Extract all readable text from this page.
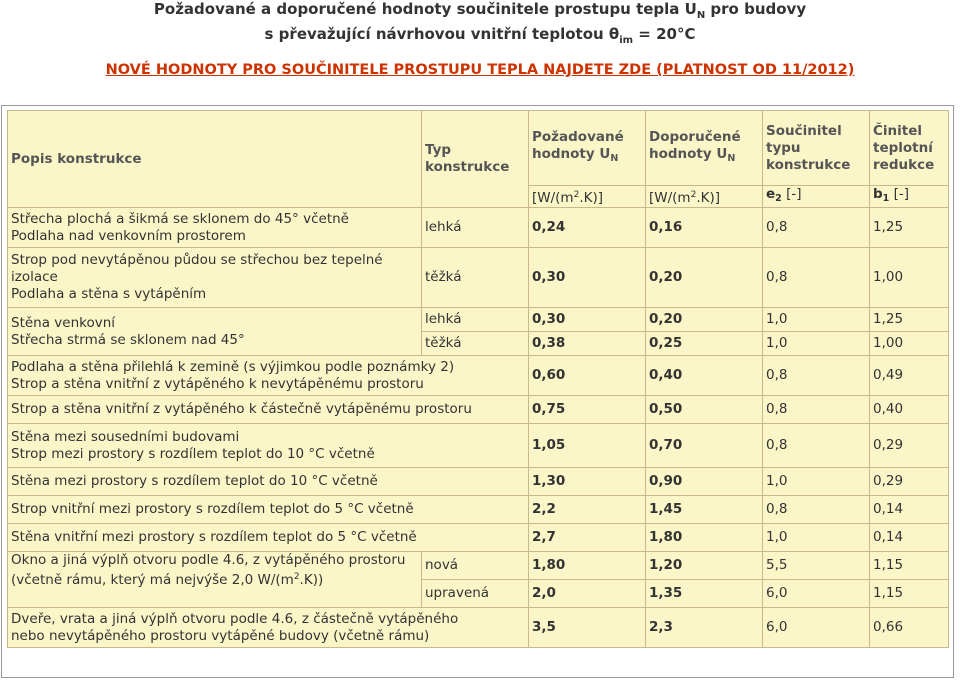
Požadované a doporučené hodnoty součinitele prostupu tepla $U_N$ pro budovy
s převažující návrhovou vnitřní teplotou $\theta_{im} = 20^\circ C$
NOVÉ HODNOTY PRO SOUČINITELE PROSTUPU TEPLA NAJDETE ZDE (PLATNOST OD 11/2012)
Popis konstrukce	Typ konstrukce	Požadované hodnoty $U_N$	Doporučené hodnoty $U_N$	Součinitel typu konstrukce	Činitel teplotní redukce
		$[W/(m^2.K)]$	$[W/(m^2.K)]$	$e_2$ [-]	$b_1$ [-]
Střecha plochá a šikmá se sklonem do 45° včetně
Podlaha nad venkovním prostorem	lehká	0,24	0,16	0,8	1,25
Strop pod nevytápěnou půdou se střechou bez tepelné izolace
Podlaha a stěna s vytápěním	těžká	0,30	0,20	0,8	1,00
Stěna venkovní
Střecha strmá se sklonem nad 45°	lehká	0,30	0,20	1,0	1,25
	těžká	0,38	0,25	1,0	1,00
Podlaha a stěna přilehlá k zemině (s výjimkou podle poznámky 2)
Strop a stěna vnitřní z vytápěného k nevytápěnému prostoru		0,60	0,40	0,8	0,49
Strop a stěna vnitřní z vytápěného k částečně vytápěnému prostoru		0,75	0,50	0,8	0,40
Stěna mezi sousedními budovami
Strop mezi prostory s rozdílem teplot do 10 °C včetně		1,05	0,70	0,8	0,29
Stěna mezi prostory s rozdílem teplot do 10 °C včetně		1,30	0,90	1,0	0,29
Strop vnitřní mezi prostory s rozdílem teplot do 5 °C včetně		2,2	1,45	0,8	0,14
Stěna vnitřní mezi prostory s rozdílem teplot do 5 °C včetně		2,7	1,80	1,0	0,14

Okno a jiná výplň otvoru podle 4.6, z vytápěného prostoru
(včetně rámu, který má nejvýše 2,0 $W/(m^2.K)$)	nová	1,80	1,20	5,5	1,15
	upravená	2,0	1,35	6,0	1,15
Dveře, vrata a jiná výplň otvoru podle 4.6, z částečně vytápěného
nebo nevytápěného prostoru vytápěné budovy (včetně rámu)		3,5	2,3	6,0	0,66
